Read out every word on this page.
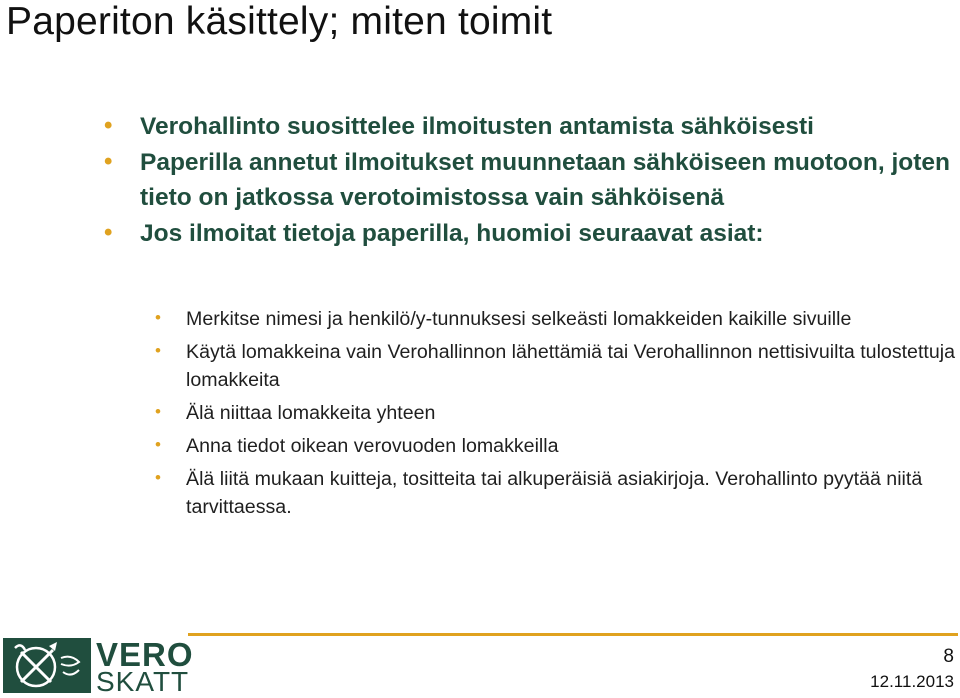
Paperiton käsittely; miten toimit
• Verohallinto suosittelee ilmoitusten antamista sähköisesti
• Paperilla annetut ilmoitukset muunnetaan sähköiseen muotoon, joten tieto on jatkossa verotoimistossa vain sähköisenä
• Jos ilmoitat tietoja paperilla, huomioi seuraavat asiat:
• Merkitse nimesi ja henkilö/y-tunnuksesi selkeästi lomakkeiden kaikille sivuille
• Käytä lomakkeina vain Verohallinnon lähettämiä tai Verohallinnon nettisivuilta tulostettuja lomakkeita
• Älä niittaa lomakkeita yhteen
• Anna tiedot oikean verovuoden lomakkeilla
• Älä liitä mukaan kuitteja, tositteita tai alkuperäisiä asiakirjoja. Verohallinto pyytää niitä tarvittaessa.
VERO
SKATT
8
12.11.2013
